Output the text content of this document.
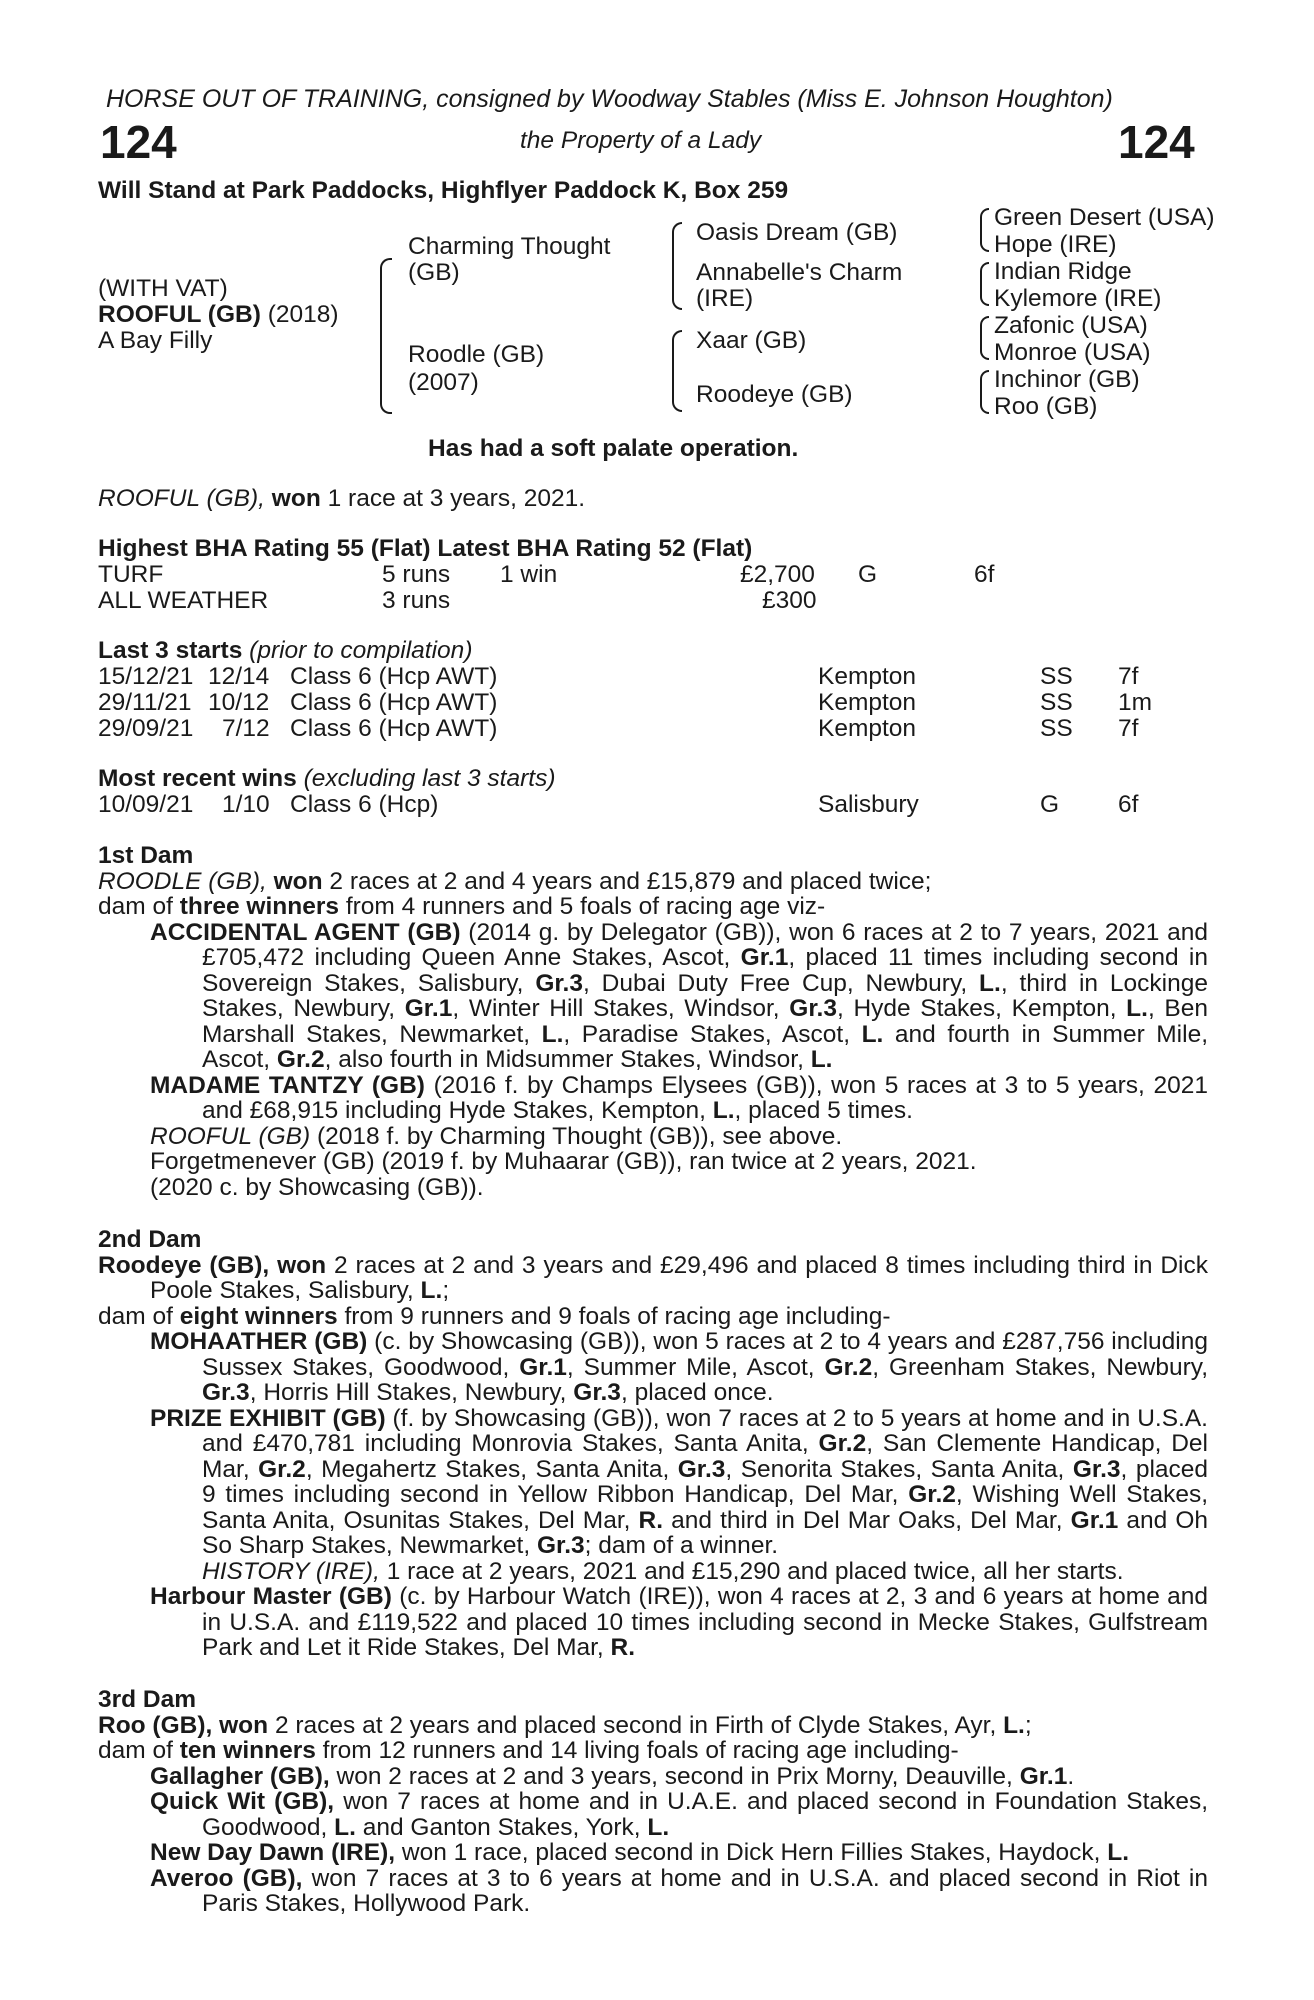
HORSE OUT OF TRAINING, consigned by Woodway Stables (Miss E. Johnson Houghton)
124	the Property of a Lady	124
Will Stand at Park Paddocks, Highflyer Paddock K, Box 259
(WITH VAT)
ROOFUL (GB) (2018)
A Bay Filly
Charming Thought
(GB)
Roodle (GB)
(2007)
Oasis Dream (GB)
Annabelle's Charm
(IRE)
Xaar (GB)
Roodeye (GB)
Green Desert (USA)
Hope (IRE)
Indian Ridge
Kylemore (IRE)
Zafonic (USA)
Monroe (USA)
Inchinor (GB)
Roo (GB)
Has had a soft palate operation.
ROOFUL (GB), won 1 race at 3 years, 2021.
Highest BHA Rating 55 (Flat) Latest BHA Rating 52 (Flat)
TURF	5 runs 1 win	£2,700 G	6f
ALL WEATHER	3 runs	£300
Last 3 starts (prior to compilation)
15/12/21 12/14 Class 6 (Hcp AWT)	Kempton	SS 7f
29/11/21 10/12 Class 6 (Hcp AWT)	Kempton	SS 1m
29/09/21 7/12 Class 6 (Hcp AWT)	Kempton	SS 7f
Most recent wins (excluding last 3 starts)
10/09/21 1/10 Class 6 (Hcp)	Salisbury	G 6f

1st Dam

ROODLE (GB), won 2 races at 2 and 4 years and £15,879 and placed twice;

dam of three winners from 4 runners and 5 foals of racing age viz-

ACCIDENTAL AGENT (GB) (2014 g. by Delegator (GB)), won 6 races at 2 to 7 years, 2021 and £705,472 including Queen Anne Stakes, Ascot, Gr.1, placed 11 times including second in Sovereign Stakes, Salisbury, Gr.3, Dubai Duty Free Cup, Newbury, L., third in Lockinge Stakes, Newbury, Gr.1, Winter Hill Stakes, Windsor, Gr.3, Hyde Stakes, Kempton, L., Ben Marshall Stakes, Newmarket, L., Paradise Stakes, Ascot, L. and fourth in Summer Mile, Ascot, Gr.2, also fourth in Midsummer Stakes, Windsor, L.

MADAME TANTZY (GB) (2016 f. by Champs Elysees (GB)), won 5 races at 3 to 5 years, 2021 and £68,915 including Hyde Stakes, Kempton, L., placed 5 times.

ROOFUL (GB) (2018 f. by Charming Thought (GB)), see above.

Forgetmenever (GB) (2019 f. by Muhaarar (GB)), ran twice at 2 years, 2021.

(2020 c. by Showcasing (GB)).

2nd Dam

Roodeye (GB), won 2 races at 2 and 3 years and £29,496 and placed 8 times including third in Dick Poole Stakes, Salisbury, L.;

dam of eight winners from 9 runners and 9 foals of racing age including-

MOHAATHER (GB) (c. by Showcasing (GB)), won 5 races at 2 to 4 years and £287,756 including Sussex Stakes, Goodwood, Gr.1, Summer Mile, Ascot, Gr.2, Greenham Stakes, Newbury, Gr.3, Horris Hill Stakes, Newbury, Gr.3, placed once.

PRIZE EXHIBIT (GB) (f. by Showcasing (GB)), won 7 races at 2 to 5 years at home and in U.S.A. and £470,781 including Monrovia Stakes, Santa Anita, Gr.2, San Clemente Handicap, Del Mar, Gr.2, Megahertz Stakes, Santa Anita, Gr.3, Senorita Stakes, Santa Anita, Gr.3, placed 9 times including second in Yellow Ribbon Handicap, Del Mar, Gr.2, Wishing Well Stakes, Santa Anita, Osunitas Stakes, Del Mar, R. and third in Del Mar Oaks, Del Mar, Gr.1 and Oh So Sharp Stakes, Newmarket, Gr.3; dam of a winner.

HISTORY (IRE), 1 race at 2 years, 2021 and £15,290 and placed twice, all her starts.

Harbour Master (GB) (c. by Harbour Watch (IRE)), won 4 races at 2, 3 and 6 years at home and in U.S.A. and £119,522 and placed 10 times including second in Mecke Stakes, Gulfstream Park and Let it Ride Stakes, Del Mar, R.

3rd Dam

Roo (GB), won 2 races at 2 years and placed second in Firth of Clyde Stakes, Ayr, L.;

dam of ten winners from 12 runners and 14 living foals of racing age including-

Gallagher (GB), won 2 races at 2 and 3 years, second in Prix Morny, Deauville, Gr.1.

Quick Wit (GB), won 7 races at home and in U.A.E. and placed second in Foundation Stakes, Goodwood, L. and Ganton Stakes, York, L.

New Day Dawn (IRE), won 1 race, placed second in Dick Hern Fillies Stakes, Haydock, L.

Averoo (GB), won 7 races at 3 to 6 years at home and in U.S.A. and placed second in Riot in Paris Stakes, Hollywood Park.
